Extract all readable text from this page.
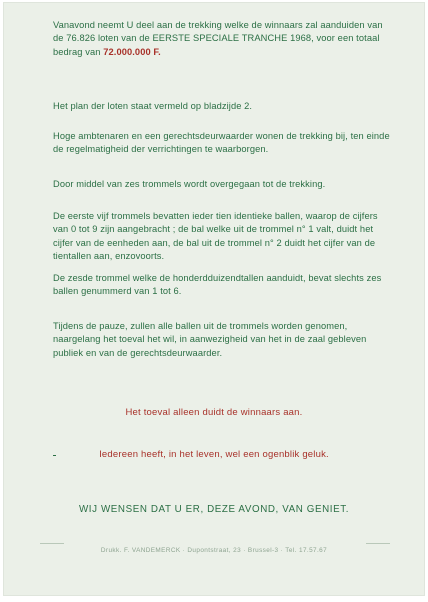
Vanavond neemt U deel aan de trekking welke de winnaars zal aanduiden van de 76.826 loten van de EERSTE SPECIALE TRANCHE 1968, voor een totaal bedrag van 72.000.000 F.
Het plan der loten staat vermeld op bladzijde 2.
Hoge ambtenaren en een gerechtsdeurwaarder wonen de trekking bij, ten einde de regelmatigheid der verrichtingen te waarborgen.
Door middel van zes trommels wordt overgegaan tot de trekking.
De eerste vijf trommels bevatten ieder tien identieke ballen, waarop de cijfers van 0 tot 9 zijn aangebracht ; de bal welke uit de trommel n° 1 valt, duidt het cijfer van de eenheden aan, de bal uit de trommel n° 2 duidt het cijfer van de tientallen aan, enzovoorts.
De zesde trommel welke de honderdduizendtallen aanduidt, bevat slechts zes ballen genummerd van 1 tot 6.
Tijdens de pauze, zullen alle ballen uit de trommels worden genomen, naargelang het toeval het wil, in aanwezigheid van het in de zaal gebleven publiek en van de gerechtsdeurwaarder.
Het toeval alleen duidt de winnaars aan.
Iedereen heeft, in het leven, wel een ogenblik geluk.
WIJ WENSEN DAT U ER, DEZE AVOND, VAN GENIET.
Drukk. F. VANDEMERCK · Dupontstraat, 23 · Brussel-3 · Tel. 17.57.67
